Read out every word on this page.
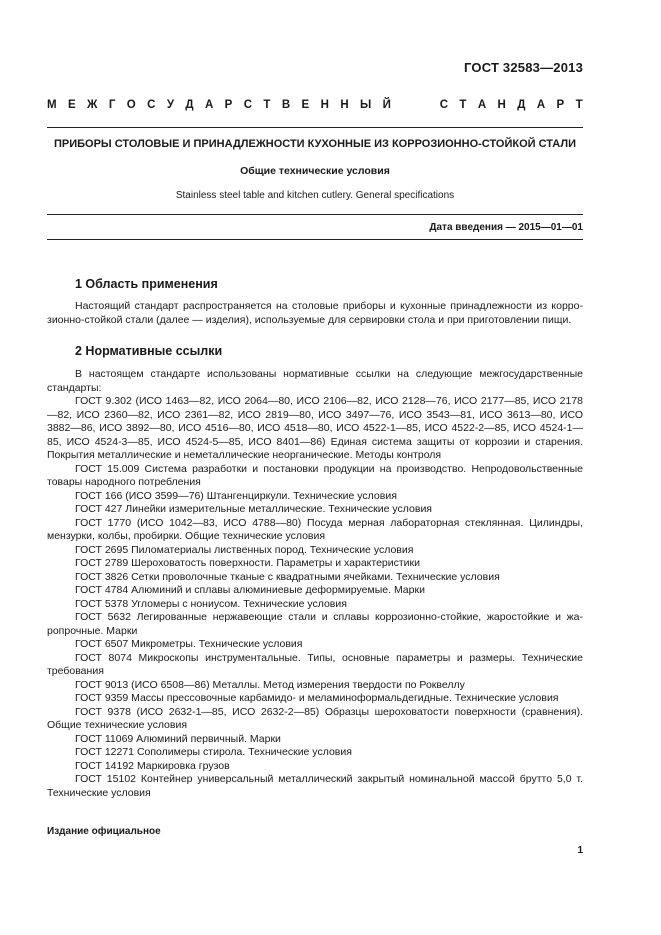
ГОСТ 32583—2013
М Е Ж Г О С У Д А Р С Т В Е Н Н Ы Й	С Т А Н Д А Р Т
ПРИБОРЫ СТОЛОВЫЕ И ПРИНАДЛЕЖНОСТИ КУХОННЫЕ ИЗ КОРРОЗИОННО-СТОЙКОЙ СТАЛИ
Общие технические условия
Stainless steel table and kitchen cutlery. General specifications
Дата введения — 2015—01—01
1 Область применения

Настоящий стандарт распространяется на столовые приборы и кухонные принадлежности из коррозионно-стойкой стали (далее — изделия), используемые для сервировки стола и при приготовлении пищи.

2 Нормативные ссылки

В настоящем стандарте использованы нормативные ссылки на следующие межгосударственные стандарты:

ГОСТ 9.302 (ИСО 1463—82, ИСО 2064—80, ИСО 2106—82, ИСО 2128—76, ИСО 2177—85, ИСО 2178—82, ИСО 2360—82, ИСО 2361—82, ИСО 2819—80, ИСО 3497—76, ИСО 3543—81, ИСО 3613—80, ИСО 3882—86, ИСО 3892—80, ИСО 4516—80, ИСО 4518—80, ИСО 4522-1—85, ИСО 4522-2—85, ИСО 4524-1—85, ИСО 4524-3—85, ИСО 4524-5—85, ИСО 8401—86) Единая система защиты от коррозии и старения. Покрытия металлические и неметаллические неорганические. Методы контроля

ГОСТ 15.009 Система разработки и постановки продукции на производство. Непродовольственные товары народного потребления

ГОСТ 166 (ИСО 3599—76) Штангенциркули. Технические условия

ГОСТ 427 Линейки измерительные металлические. Технические условия

ГОСТ 1770 (ИСО 1042—83, ИСО 4788—80) Посуда мерная лабораторная стеклянная. Цилиндры, мензурки, колбы, пробирки. Общие технические условия

ГОСТ 2695 Пиломатериалы лиственных пород. Технические условия

ГОСТ 2789 Шероховатость поверхности. Параметры и характеристики

ГОСТ 3826 Сетки проволочные тканые с квадратными ячейками. Технические условия

ГОСТ 4784 Алюминий и сплавы алюминиевые деформируемые. Марки

ГОСТ 5378 Угломеры с нониусом. Технические условия

ГОСТ 5632 Легированные нержавеющие стали и сплавы коррозионно-стойкие, жаростойкие и жаропрочные. Марки

ГОСТ 6507 Микрометры. Технические условия

ГОСТ 8074 Микроскопы инструментальные. Типы, основные параметры и размеры. Технические требования

ГОСТ 9013 (ИСО 6508—86) Металлы. Метод измерения твердости по Роквеллу

ГОСТ 9359 Массы прессовочные карбамидо- и меламиноформальдегидные. Технические условия

ГОСТ 9378 (ИСО 2632-1—85, ИСО 2632-2—85) Образцы шероховатости поверхности (сравнения). Общие технические условия

ГОСТ 11069 Алюминий первичный. Марки

ГОСТ 12271 Сополимеры стирола. Технические условия

ГОСТ 14192 Маркировка грузов

ГОСТ 15102 Контейнер универсальный металлический закрытый номинальной массой брутто 5,0 т. Технические условия

Издание официальное
1
